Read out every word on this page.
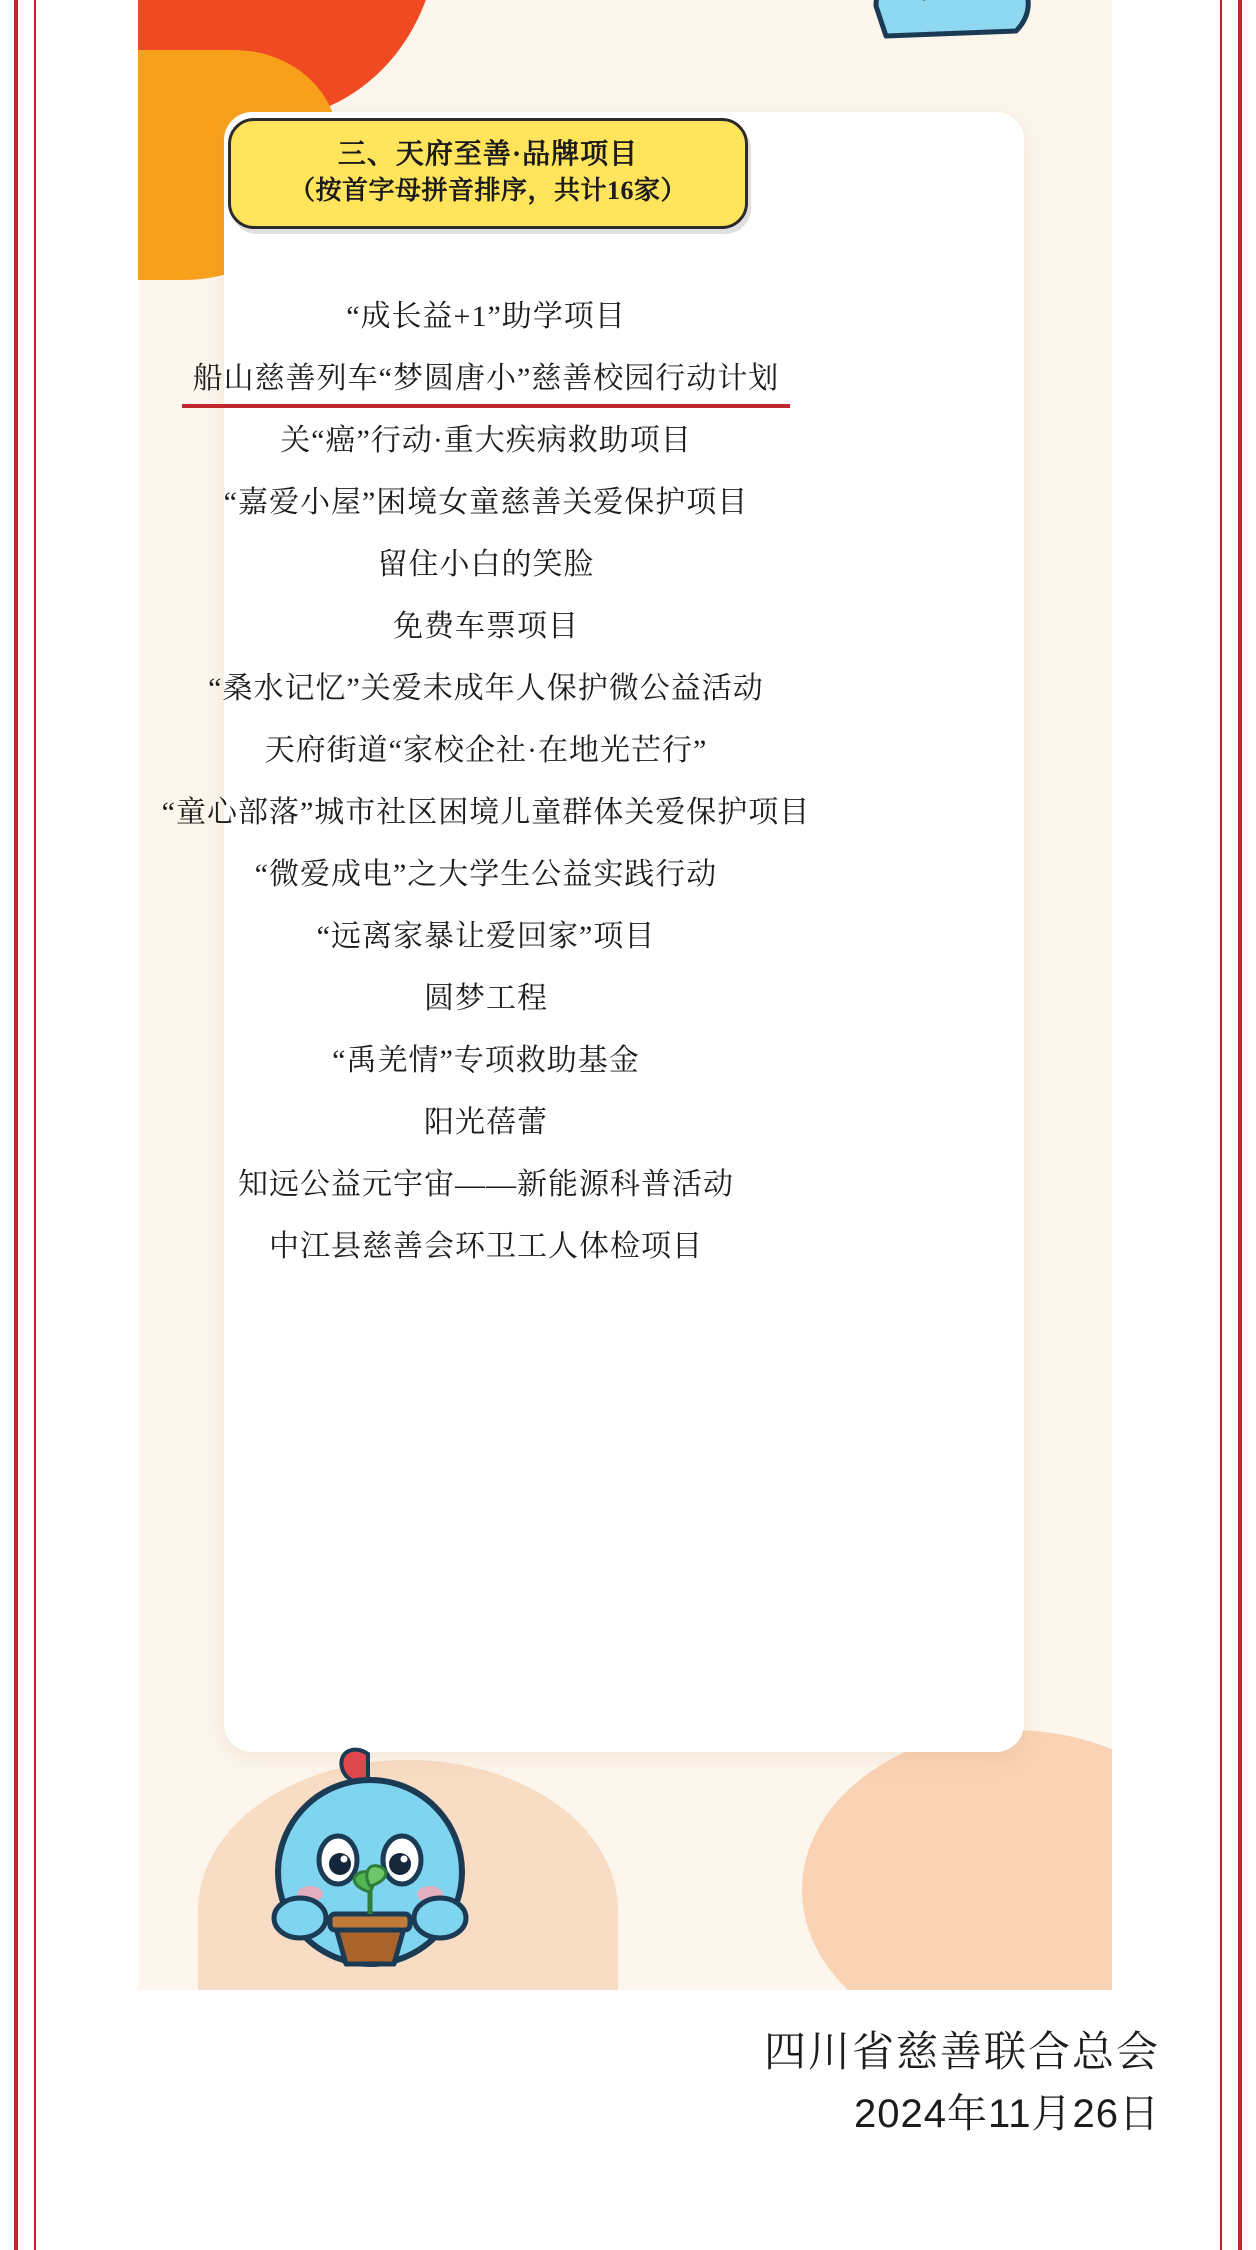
三、天府至善·品牌项目
（按首字母拼音排序，共计16家）
“成长益+1”助学项目
船山慈善列车“梦圆唐小”慈善校园行动计划
关“癌”行动·重大疾病救助项目
“嘉爱小屋”困境女童慈善关爱保护项目
留住小白的笑脸
免费车票项目
“桑水记忆”关爱未成年人保护微公益活动
天府街道“家校企社·在地光芒行”
“童心部落”城市社区困境儿童群体关爱保护项目
“微爱成电”之大学生公益实践行动
“远离家暴让爱回家”项目
圆梦工程
“禹羌情”专项救助基金
阳光蓓蕾
知远公益元宇宙——新能源科普活动
中江县慈善会环卫工人体检项目
四川省慈善联合总会
2024年11月26日
